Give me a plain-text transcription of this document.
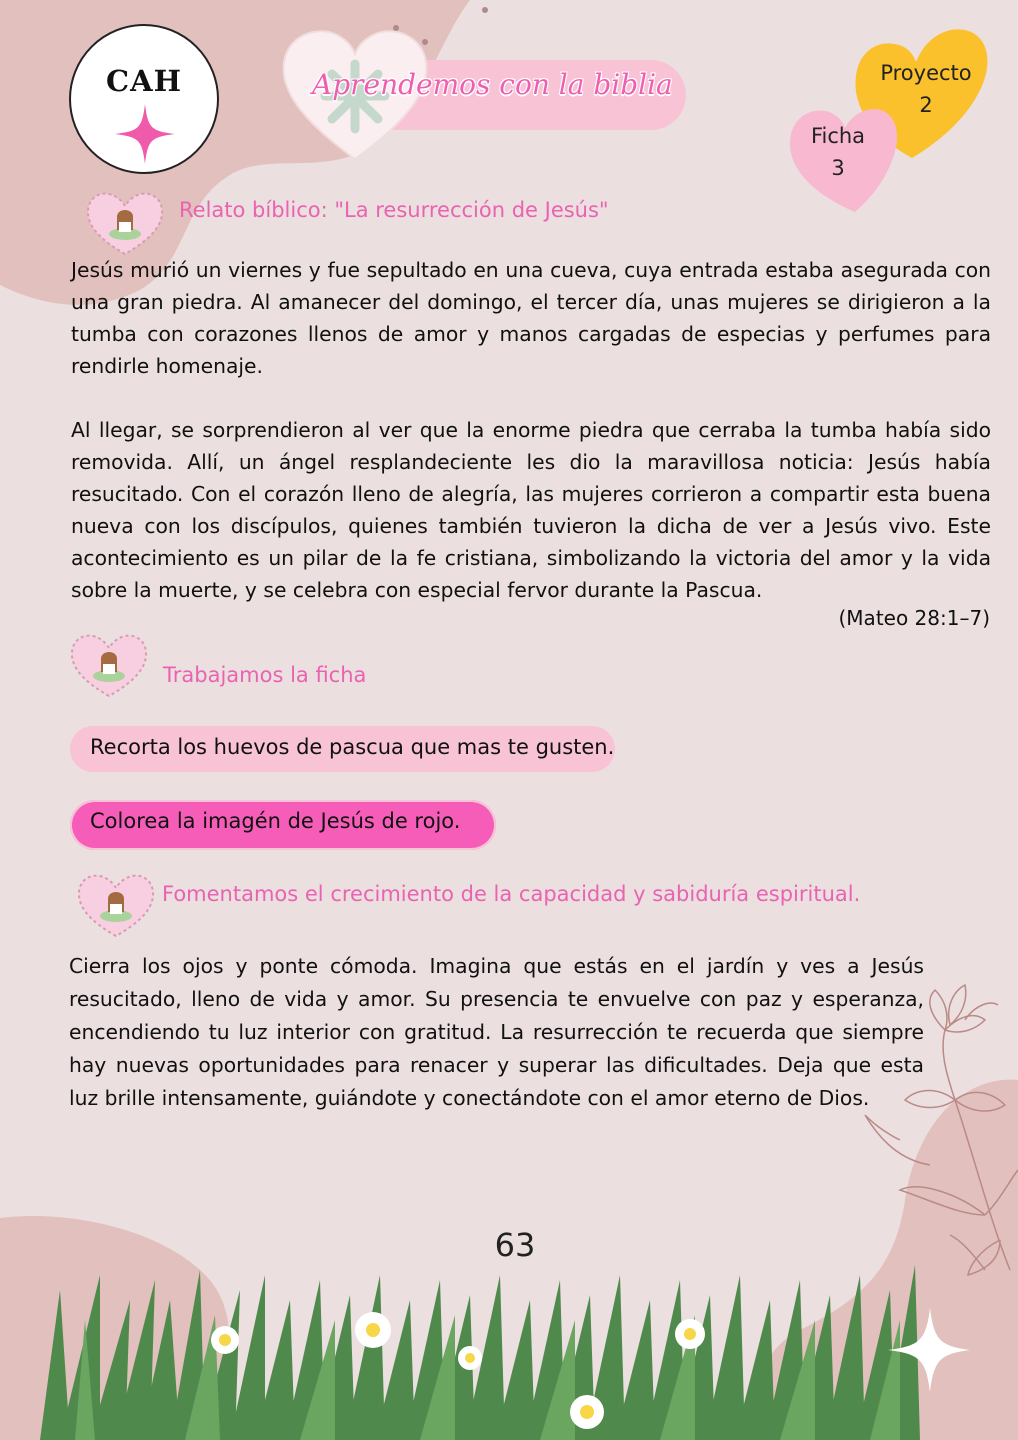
CAH	Aprendemos con la biblia	Proyecto
2
Ficha
3
Relato bíblico: "La resurrección de Jesús"
Jesús murió un viernes y fue sepultado en una cueva, cuya entrada estaba asegurada con una gran piedra. Al amanecer del domingo, el tercer día, unas mujeres se dirigieron a la tumba con corazones llenos de amor y manos cargadas de especias y perfumes para rendirle homenaje.
Al llegar, se sorprendieron al ver que la enorme piedra que cerraba la tumba había sido removida. Allí, un ángel resplandeciente les dio la maravillosa noticia: Jesús había resucitado. Con el corazón lleno de alegría, las mujeres corrieron a compartir esta buena nueva con los discípulos, quienes también tuvieron la dicha de ver a Jesús vivo. Este acontecimiento es un pilar de la fe cristiana, simbolizando la victoria del amor y la vida sobre la muerte, y se celebra con especial fervor durante la Pascua.
(Mateo 28:1–7)
Trabajamos la ficha
Recorta los huevos de pascua que mas te gusten.
Colorea la imagén de Jesús de rojo.
Fomentamos el crecimiento de la capacidad y sabiduría espiritual.
Cierra los ojos y ponte cómoda. Imagina que estás en el jardín y ves a Jesús resucitado, lleno de vida y amor. Su presencia te envuelve con paz y esperanza, encendiendo tu luz interior con gratitud. La resurrección te recuerda que siempre hay nuevas oportunidades para renacer y superar las dificultades. Deja que esta luz brille intensamente, guiándote y conectándote con el amor eterno de Dios.
63
